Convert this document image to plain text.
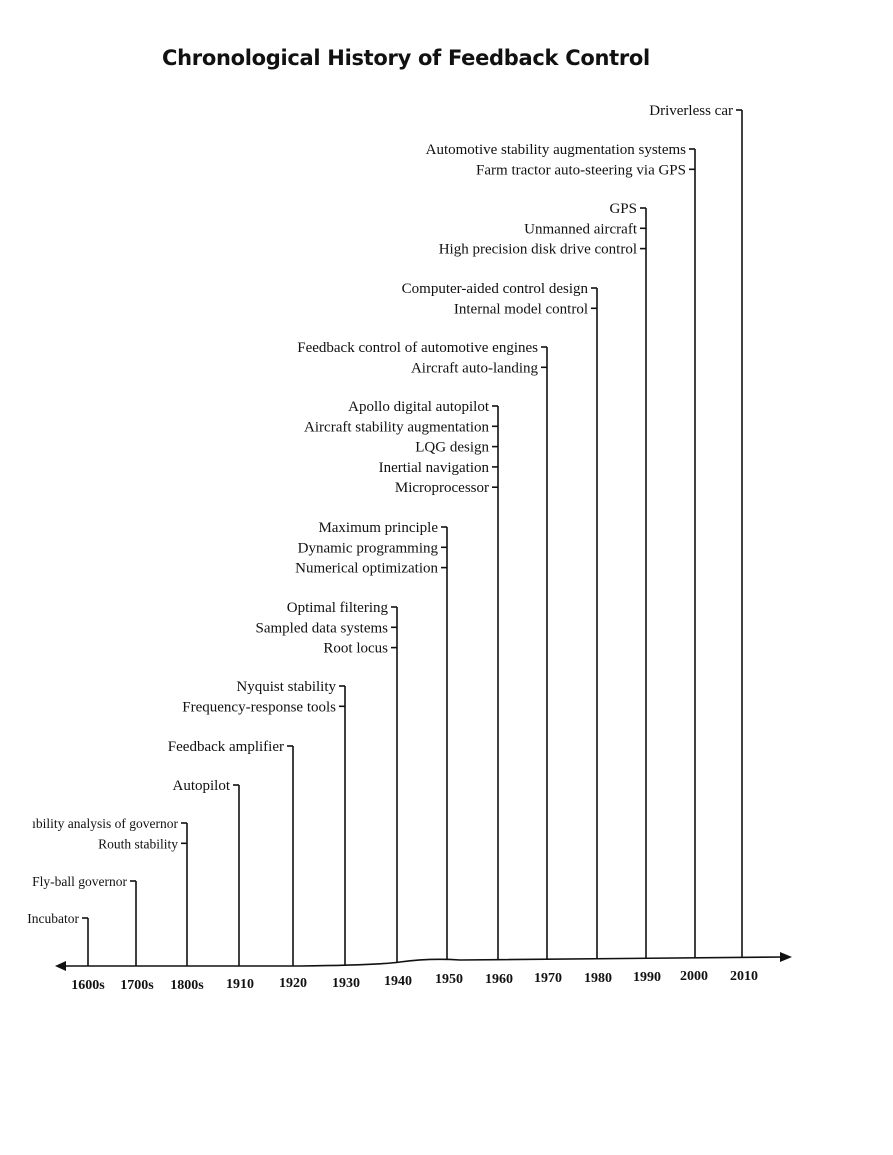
Chronological History of Feedback Control
1600s 1700s 1800s 1910 1920 1930 1940 1950 1960 1970 1980 1990 2000 2010
Incubator
Fly-ball governor
ıbility analysis of governor
Routh stability
Autopilot
Feedback amplifier
Nyquist stability
Frequency-response tools
Optimal filtering
Sampled data systems
Root locus
Maximum principle
Dynamic programming
Numerical optimization
Apollo digital autopilot
Aircraft stability augmentation
LQG design
Inertial navigation
Microprocessor
Feedback control of automotive engines
Aircraft auto-landing
Computer-aided control design
Internal model control
GPS
Unmanned aircraft
High precision disk drive control
Automotive stability augmentation systems
Farm tractor auto-steering via GPS
Driverless car
